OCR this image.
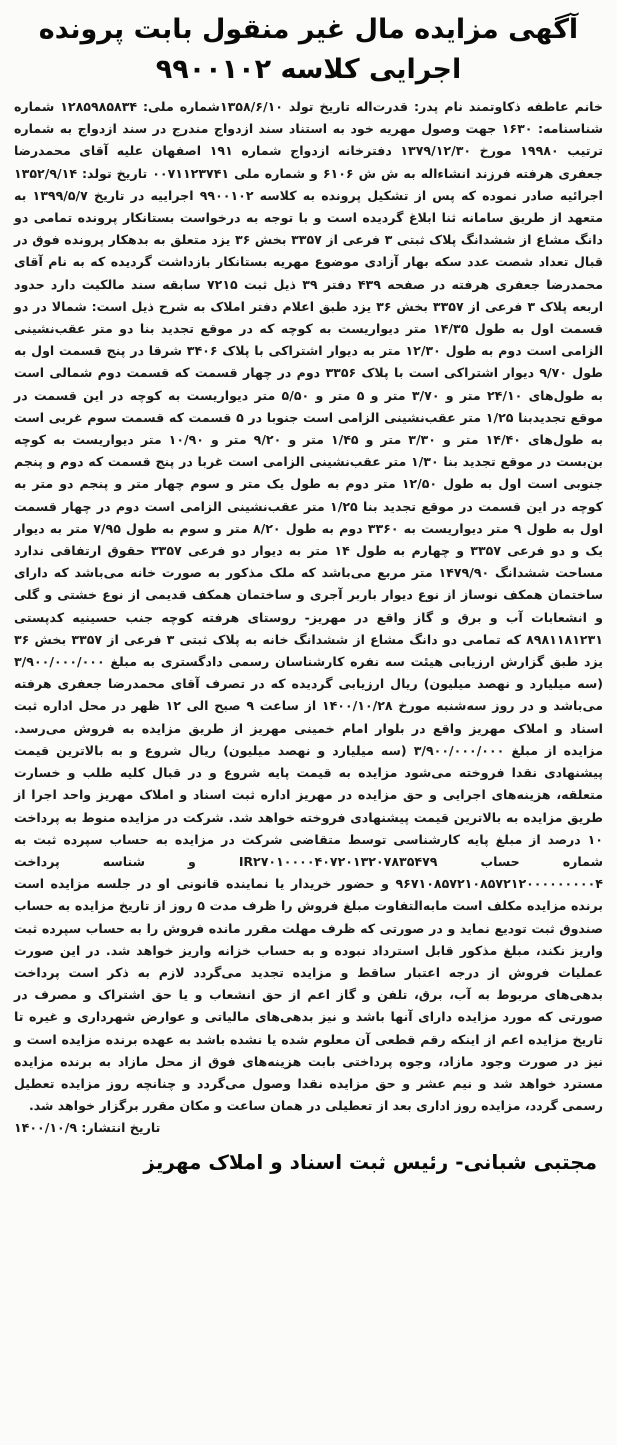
آگهی مزایده مال غیر منقول بابت پرونده
اجرایی کلاسه ۹۹۰۰۱۰۲

خانم عاطفه ذکاوتمند نام پدر: قدرت‌اله تاریخ تولد ۱۳۵۸/۶/۱۰شماره ملی: ۱۲۸۵۹۸۵۸۳۴ شماره شناسنامه: ۱۶۳۰ جهت وصول مهریه خود به استناد سند ازدواج مندرج در سند ازدواج به شماره ترتیب ۱۹۹۸۰ مورخ ۱۳۷۹/۱۲/۳۰ دفترخانه ازدواج شماره ۱۹۱ اصفهان علیه آقای محمدرضا جعفری هرفته فرزند انشاءاله به ش ش ۶۱۰۶ و شماره ملی ۰۰۷۱۱۲۳۷۴۱ تاریخ تولد: ۱۳۵۲/۹/۱۴ اجرائیه صادر نموده که پس از تشکیل پرونده به کلاسه ۹۹۰۰۱۰۲ اجراییه در تاریخ ۱۳۹۹/۵/۷ به متعهد از طریق سامانه ثنا ابلاغ گردیده است و با توجه به درخواست بستانکار پرونده تمامی دو دانگ مشاع از ششدانگ پلاک ثبتی ۳ فرعی از ۳۳۵۷ بخش ۳۶ یزد متعلق به بدهکار پرونده فوق در قبال تعداد شصت عدد سکه بهار آزادی موضوع مهریه بستانکار بازداشت گردیده که به نام آقای محمدرضا جعفری هرفته در صفحه ۴۳۹ دفتر ۳۹ ذیل ثبت ۷۲۱۵ سابقه سند مالکیت دارد حدود اربعه پلاک ۳ فرعی از ۳۳۵۷ بخش ۳۶ یزد طبق اعلام دفتر املاک به شرح ذیل است: شمالا در دو قسمت اول به طول ۱۴/۳۵ متر دیواریست به کوچه که در موقع تجدید بنا دو متر عقب‌نشینی الزامی است دوم به طول ۱۲/۳۰ متر به دیوار اشتراکی با پلاک ۳۴۰۶ شرقا در پنج قسمت اول به طول ۹/۷۰ دیوار اشتراکی است با پلاک ۳۳۵۶ دوم در چهار قسمت که قسمت دوم شمالی است به طول‌های ۲۴/۱۰ متر و ۳/۷۰ متر و ۵ متر و ۵/۵۰ متر دیواریست به کوچه در این قسمت در موقع تجدیدبنا ۱/۲۵ متر عقب‌نشینی الزامی است جنوبا در ۵ قسمت که قسمت سوم غربی است به طول‌های ۱۴/۴۰ متر و ۳/۳۰ متر و ۱/۴۵ متر و ۹/۲۰ متر و ۱۰/۹۰ متر دیواریست به کوچه بن‌بست در موقع تجدید بنا ۱/۳۰ متر عقب‌نشینی الزامی است غربا در پنج قسمت که دوم و پنجم جنوبی است اول به طول ۱۲/۵۰ متر دوم به طول یک متر و سوم چهار متر و پنجم دو متر به کوچه در این قسمت در موقع تجدید بنا ۱/۲۵ متر عقب‌نشینی الزامی است دوم در چهار قسمت اول به طول ۹ متر دیواریست به ۳۳۶۰ دوم به طول ۸/۲۰ متر و سوم به طول ۷/۹۵ متر به دیوار یک و دو فرعی ۳۳۵۷ و چهارم به طول ۱۴ متر به دیوار دو فرعی ۳۳۵۷ حقوق ارتفاقی ندارد مساحت ششدانگ ۱۴۷۹/۹۰ متر مربع می‌باشد که ملک مذکور به صورت خانه می‌باشد که دارای ساختمان همکف نوساز از نوع دیوار باربر آجری و ساختمان همکف قدیمی از نوع خشتی و گلی و انشعابات آب و برق و گاز واقع در مهریز- روستای هرفته کوچه جنب حسینیه کدپستی ۸۹۸۱۱۸۱۲۳۱ که تمامی دو دانگ مشاع از ششدانگ خانه به پلاک ثبتی ۳ فرعی از ۳۳۵۷ بخش ۳۶ یزد طبق گزارش ارزیابی هیئت سه نفره کارشناسان رسمی دادگستری به مبلغ ۳/۹۰۰/۰۰۰/۰۰۰ (سه میلیارد و نهصد میلیون) ریال ارزیابی گردیده که در تصرف آقای محمدرضا جعفری هرفته می‌باشد و در روز سه‌شنبه مورخ ۱۴۰۰/۱۰/۲۸ از ساعت ۹ صبح الی ۱۲ ظهر در محل اداره ثبت اسناد و املاک مهریز واقع در بلوار امام خمینی مهریز از طریق مزایده به فروش می‌رسد. مزایده از مبلغ ۳/۹۰۰/۰۰۰/۰۰۰ (سه میلیارد و نهصد میلیون) ریال شروع و به بالاترین قیمت پیشنهادی نقدا فروخته می‌شود مزایده به قیمت پایه شروع و در قبال کلیه طلب و خسارت متعلقه، هزینه‌های اجرایی و حق مزایده در مهریز اداره ثبت اسناد و املاک مهریز واحد اجرا از طریق مزایده به بالاترین قیمت پیشنهادی فروخته خواهد شد. شرکت در مزایده منوط به پرداخت ۱۰ درصد از مبلغ پایه کارشناسی توسط متقاضی شرکت در مزایده به حساب سپرده ثبت به شماره حساب IR۲۷۰۱۰۰۰۰۴۰۷۲۰۱۳۲۰۷۸۳۵۴۷۹ و شناسه پرداخت ۹۶۷۱۰۸۵۷۲۱۰۸۵۷۲۱۲۰۰۰۰۰۰۰۰۰۴ و حضور خریدار یا نماینده قانونی او در جلسه مزایده است برنده مزایده مکلف است مابه‌التفاوت مبلغ فروش را ظرف مدت ۵ روز از تاریخ مزایده به حساب صندوق ثبت تودیع نماید و در صورتی که ظرف مهلت مقرر مانده فروش را به حساب سپرده ثبت واریز نکند، مبلغ مذکور قابل استرداد نبوده و به حساب خزانه واریز خواهد شد. در این صورت عملیات فروش از درجه اعتبار ساقط و مزایده تجدید می‌گردد لازم به ذکر است پرداخت بدهی‌های مربوط به آب، برق، تلفن و گاز اعم از حق انشعاب و یا حق اشتراک و مصرف در صورتی که مورد مزایده دارای آنها باشد و نیز بدهی‌های مالیاتی و عوارض شهرداری و غیره تا تاریخ مزایده اعم از اینکه رقم قطعی آن معلوم شده یا نشده باشد به عهده برنده مزایده است و نیز در صورت وجود مازاد، وجوه پرداختی بابت هزینه‌های فوق از محل مازاد به برنده مزایده مسترد خواهد شد و نیم عشر و حق مزایده نقدا وصول می‌گردد و چنانچه روز مزایده تعطیل رسمی گردد، مزایده روز اداری بعد از تعطیلی در همان ساعت و مکان مقرر برگزار خواهد شد.

تاریخ انتشار: ۱۴۰۰/۱۰/۹
مجتبی شبانی- رئیس ثبت اسناد و املاک مهریز
